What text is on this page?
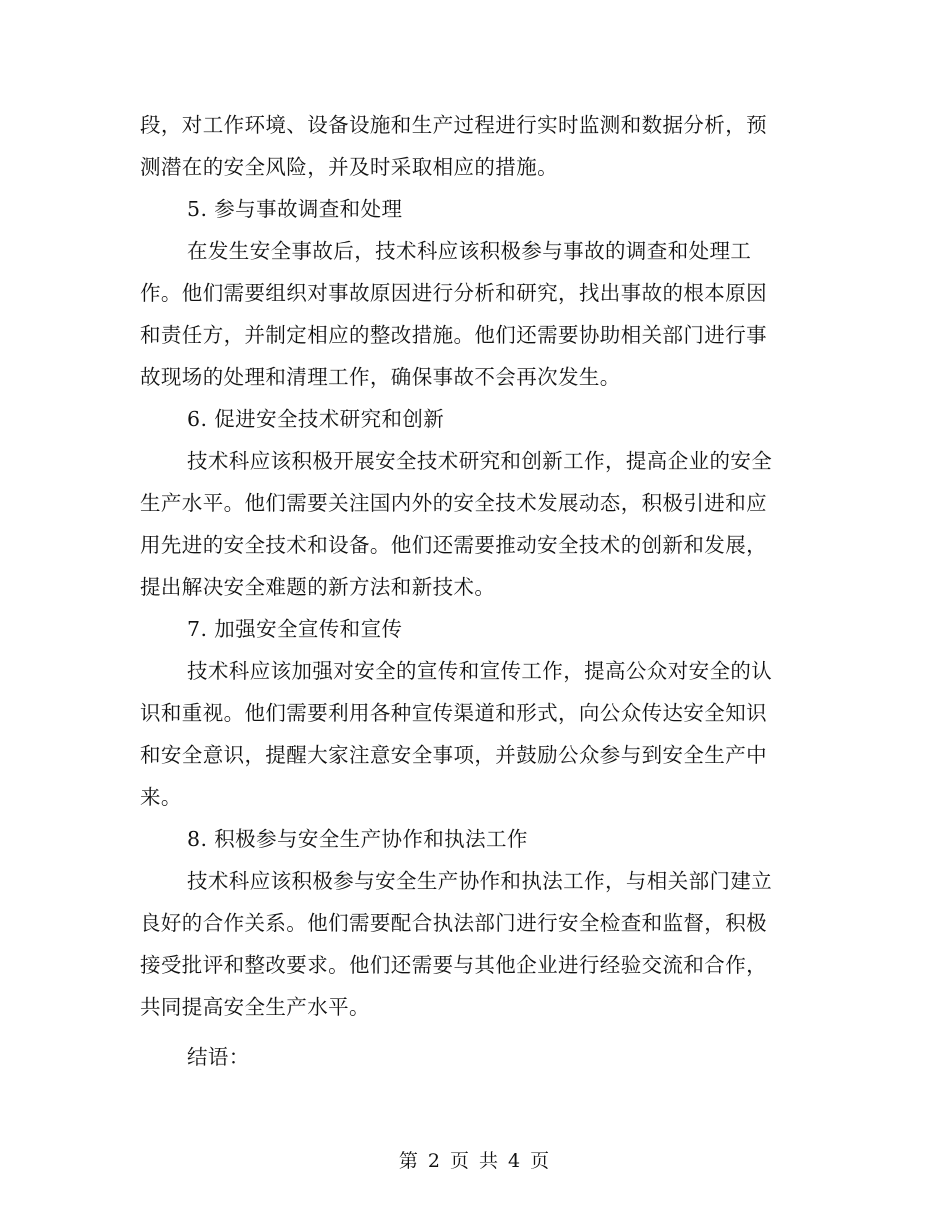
段，对工作环境、设备设施和生产过程进行实时监测和数据分析，预
测潜在的安全风险，并及时采取相应的措施。
5. 参与事故调查和处理
在发生安全事故后，技术科应该积极参与事故的调查和处理工
作。他们需要组织对事故原因进行分析和研究，找出事故的根本原因
和责任方，并制定相应的整改措施。他们还需要协助相关部门进行事
故现场的处理和清理工作，确保事故不会再次发生。
6. 促进安全技术研究和创新
技术科应该积极开展安全技术研究和创新工作，提高企业的安全
生产水平。他们需要关注国内外的安全技术发展动态，积极引进和应
用先进的安全技术和设备。他们还需要推动安全技术的创新和发展，
提出解决安全难题的新方法和新技术。
7. 加强安全宣传和宣传
技术科应该加强对安全的宣传和宣传工作，提高公众对安全的认
识和重视。他们需要利用各种宣传渠道和形式，向公众传达安全知识
和安全意识，提醒大家注意安全事项，并鼓励公众参与到安全生产中
来。
8. 积极参与安全生产协作和执法工作
技术科应该积极参与安全生产协作和执法工作，与相关部门建立
良好的合作关系。他们需要配合执法部门进行安全检查和监督，积极
接受批评和整改要求。他们还需要与其他企业进行经验交流和合作，
共同提高安全生产水平。
结语：
第 2 页 共 4 页
